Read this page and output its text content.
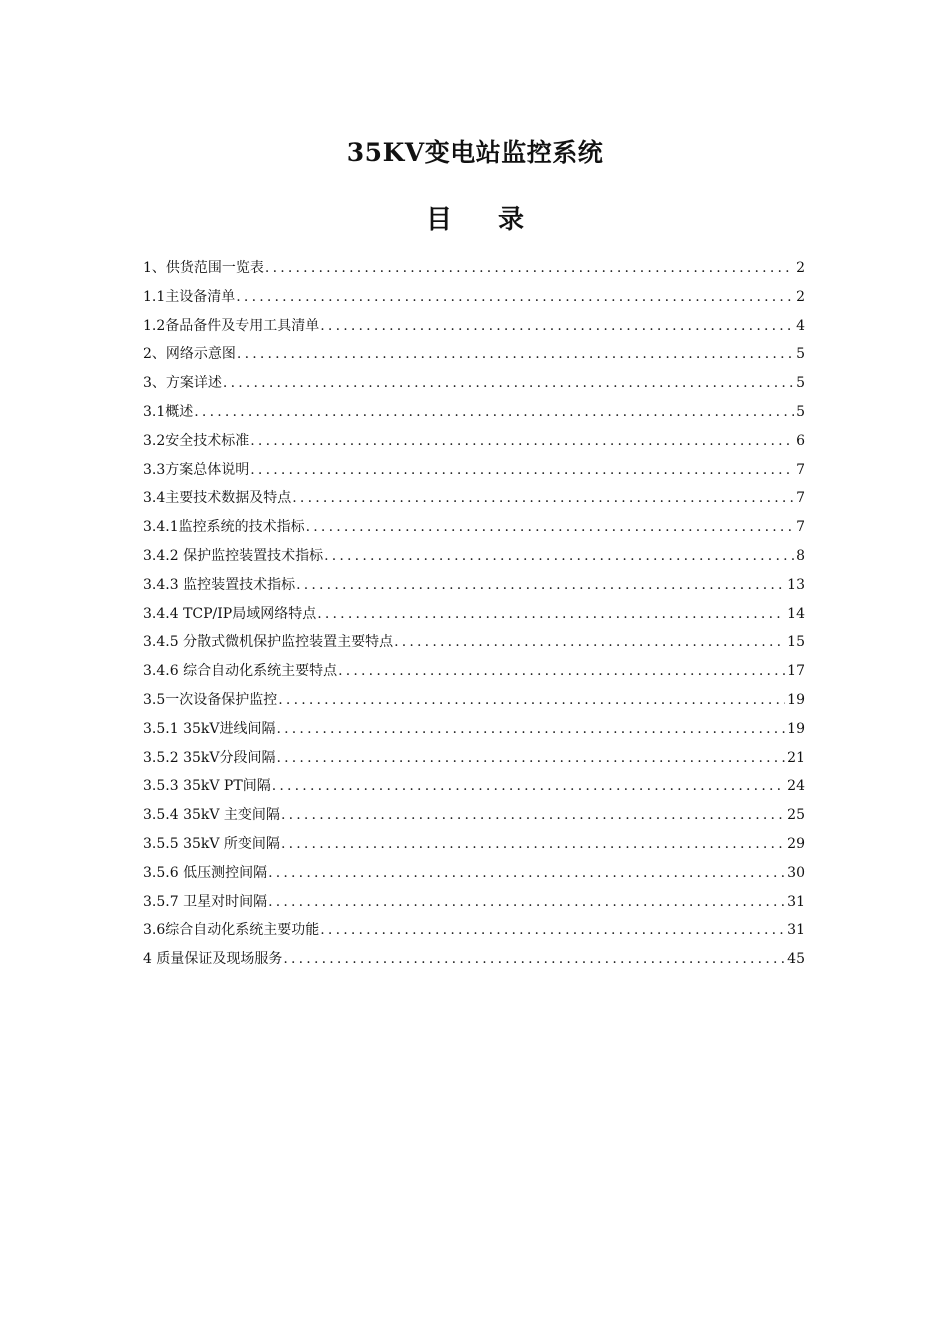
35KV变电站监控系统
目 录
1、供货范围一览表 .....	2
1.1主设备清单 .....	2
1.2备品备件及专用工具清单 .....	4
2、网络示意图 .....	5
3、方案详述 .....	5
3.1概述 .....	5
3.2安全技术标准 .....	6
3.3方案总体说明 .....	7
3.4主要技术数据及特点 .....	7
3.4.1监控系统的技术指标 .....	7
3.4.2 保护监控装置技术指标 .....	8
3.4.3 监控装置技术指标 .....	13
3.4.4 TCP/IP局域网络特点 .....	14
3.4.5 分散式微机保护监控装置主要特点 .....	15
3.4.6 综合自动化系统主要特点 .....	17
3.5一次设备保护监控 .....	19
3.5.1 35kV进线间隔 .....	19
3.5.2 35kV分段间隔 .....	21
3.5.3 35kV PT间隔 .....	24
3.5.4 35kV 主变间隔 .....	25
3.5.5 35kV 所变间隔 .....	29
3.5.6 低压测控间隔 .....	30
3.5.7 卫星对时间隔 .....	31
3.6综合自动化系统主要功能 .....	31
4 质量保证及现场服务 .....	45
